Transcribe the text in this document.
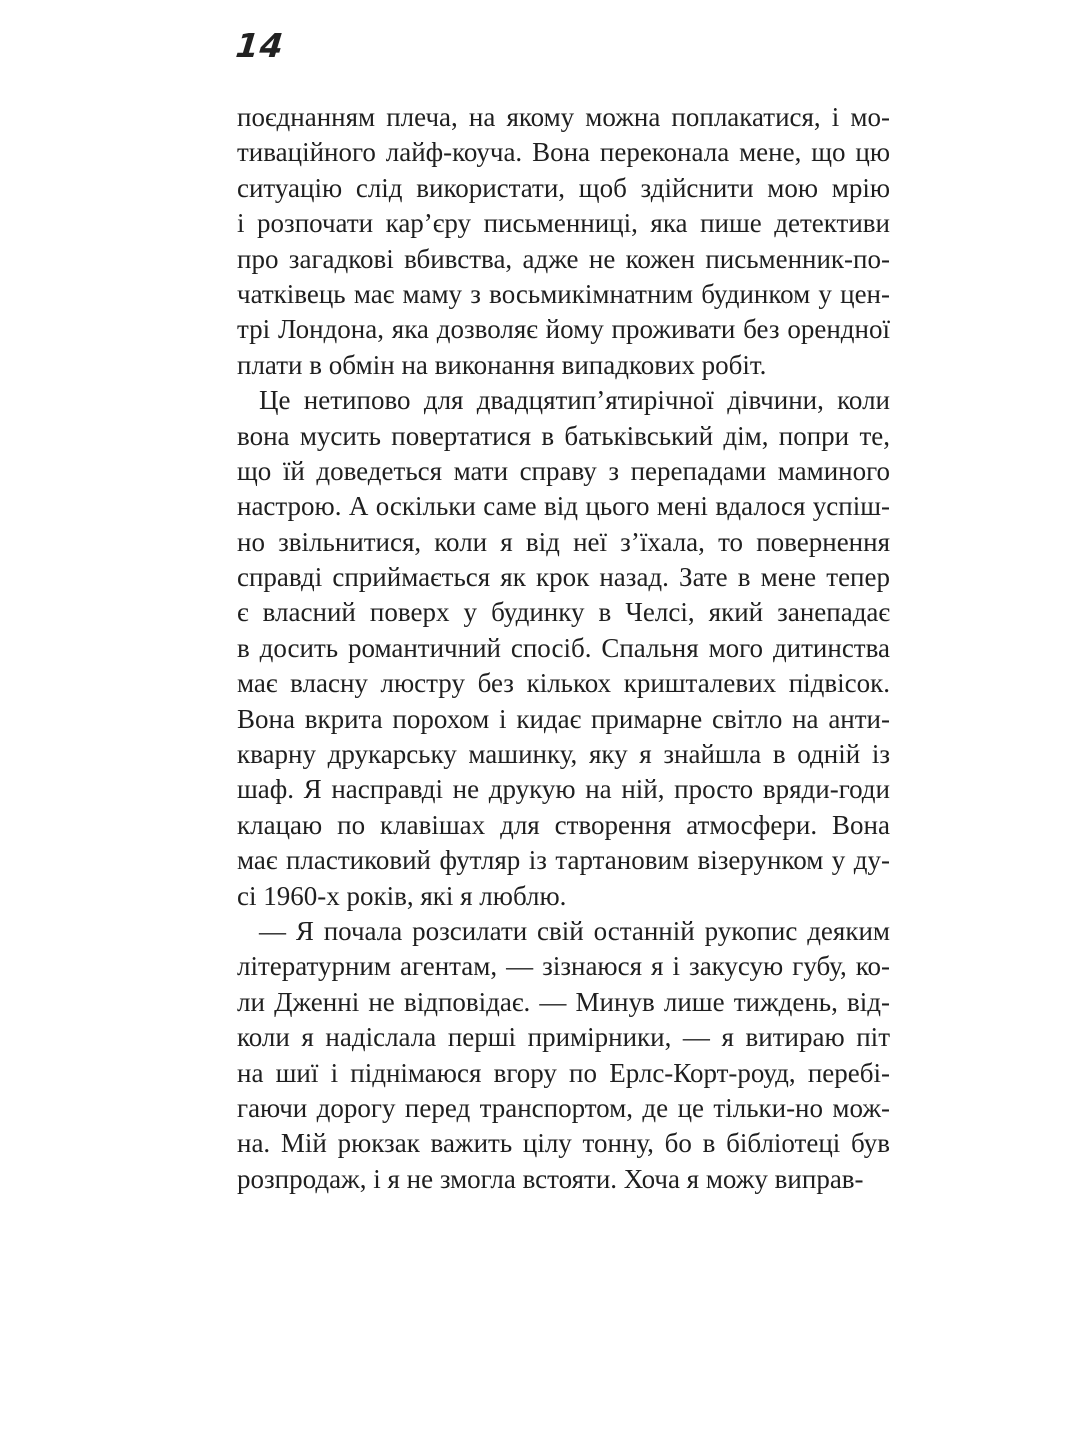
14
поєднанням плеча, на якому можна поплакатися, і мо-
тиваційного лайф-коуча. Вона переконала мене, що цю
ситуацію слід використати, щоб здійснити мою мрію
і розпочати кар’єру письменниці, яка пише детективи
про загадкові вбивства, адже не кожен письменник-по-
чатківець має маму з восьмикімнатним будинком у цен-
трі Лондона, яка дозволяє йому проживати без орендної
плати в обмін на виконання випадкових робіт.
Це нетипово для двадцятип’ятирічної дівчини, коли
вона мусить повертатися в батьківський дім, попри те,
що їй доведеться мати справу з перепадами маминого
настрою. А оскільки саме від цього мені вдалося успіш-
но звільнитися, коли я від неї з’їхала, то повернення
справді сприймається як крок назад. Зате в мене тепер
є власний поверх у будинку в Челсі, який занепадає
в досить романтичний спосіб. Спальня мого дитинства
має власну люстру без кількох кришталевих підвісок.
Вона вкрита порохом і кидає примарне світло на анти-
кварну друкарську машинку, яку я знайшла в одній із
шаф. Я насправді не друкую на ній, просто вряди-годи
клацаю по клавішах для створення атмосфери. Вона
має пластиковий футляр із тартановим візерунком у ду-
сі 1960-х років, які я люблю.
— Я почала розсилати свій останній рукопис деяким
літературним агентам, — зізнаюся я і закусую губу, ко-
ли Дженні не відповідає. — Минув лише тиждень, від-
коли я надіслала перші примірники, — я витираю піт
на шиї і піднімаюся вгору по Ерлс-Корт-роуд, перебі-
гаючи дорогу перед транспортом, де це тільки-но мож-
на. Мій рюкзак важить цілу тонну, бо в бібліотеці був
розпродаж, і я не змогла встояти. Хоча я можу виправ-
